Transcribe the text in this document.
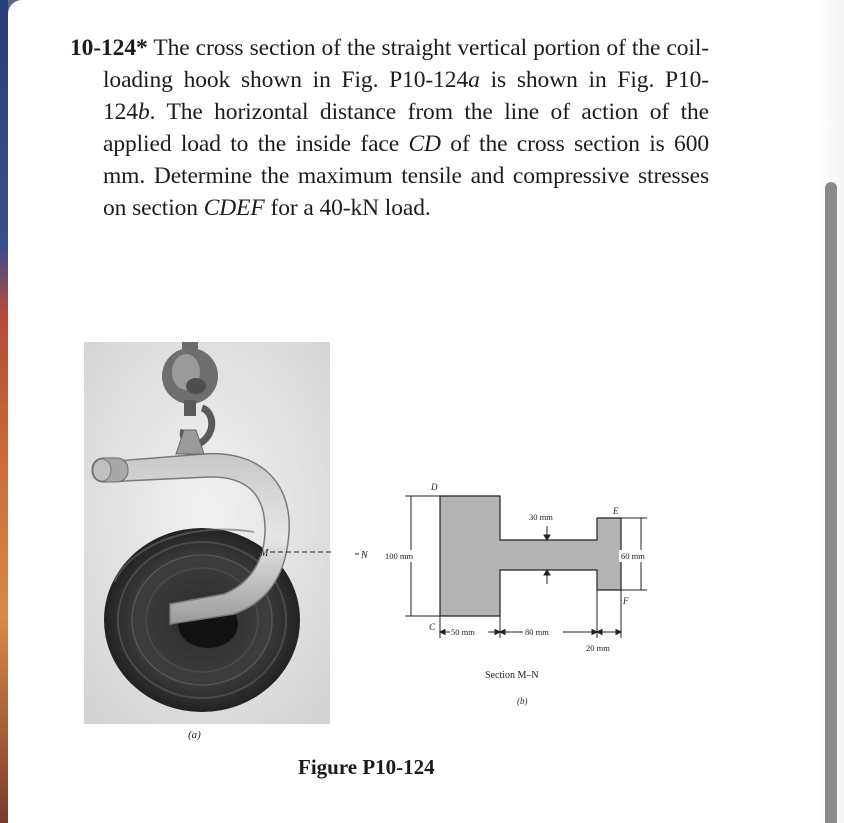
10-124* The cross section of the straight vertical portion of the coil-loading hook shown in Fig. P10-124a is shown in Fig. P10-124b. The horizontal distance from the line of action of the applied load to the inside face CD of the cross section is 600 mm. Determine the maximum tensile and compressive stresses on section CDEF for a 40-kN load.
M	N
D
C
E
F
100 mm
30 mm
60 mm
50 mm	80 mm
20 mm
Section M–N
(b)
(a)
Figure P10-124
